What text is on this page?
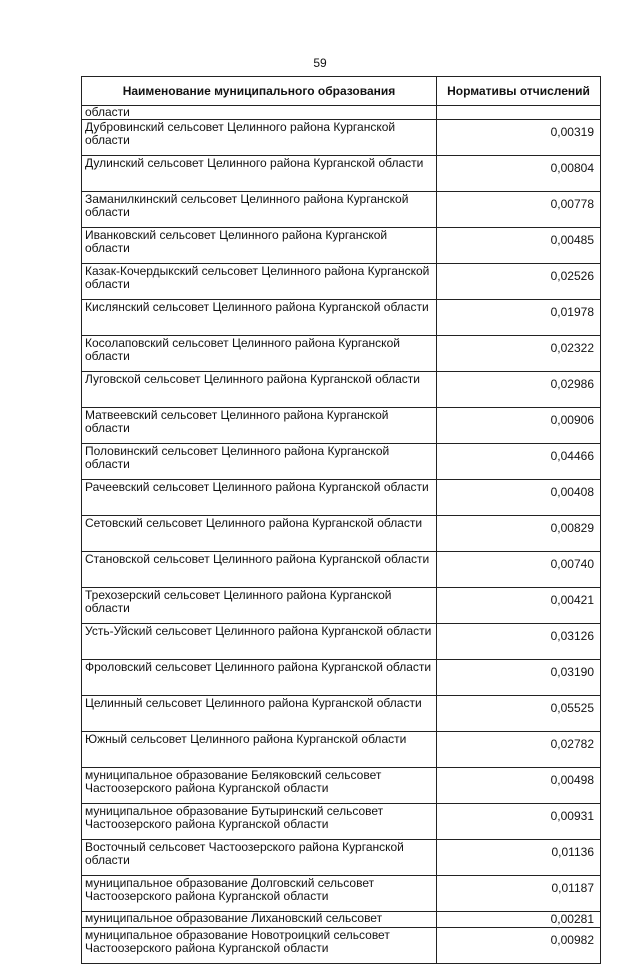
59
Наименование муниципального образования	Нормативы отчислений
области	
Дубровинский сельсовет Целинного района Курганской области	0,00319
Дулинский сельсовет Целинного района Курганской области	0,00804
Заманилкинский сельсовет Целинного района Курганской области	0,00778
Иванковский сельсовет Целинного района Курганской области	0,00485
Казак-Кочердыкский сельсовет Целинного района Курганской области	0,02526
Кислянский сельсовет Целинного района Курганской области	0,01978
Косолаповский сельсовет Целинного района Курганской области	0,02322
Луговской сельсовет Целинного района Курганской области	0,02986
Матвеевский сельсовет Целинного района Курганской области	0,00906
Половинский сельсовет Целинного района Курганской области	0,04466
Рачеевский сельсовет Целинного района Курганской области	0,00408
Сетовский сельсовет Целинного района Курганской области	0,00829
Становской сельсовет Целинного района Курганской области	0,00740
Трехозерский сельсовет Целинного района Курганской области	0,00421
Усть-Уйский сельсовет Целинного района Курганской области	0,03126
Фроловский сельсовет Целинного района Курганской области	0,03190
Целинный сельсовет Целинного района Курганской области	0,05525
Южный сельсовет Целинного района Курганской области	0,02782
муниципальное образование Беляковский сельсовет Частоозерского района Курганской области	0,00498
муниципальное образование Бутыринский сельсовет Частоозерского района Курганской области	0,00931
Восточный сельсовет Частоозерского района Курганской области	0,01136
муниципальное образование Долговский сельсовет Частоозерского района Курганской области	0,01187
муниципальное образование Лихановский сельсовет	0,00281
муниципальное образование Новотроицкий сельсовет Частоозерского района Курганской области	0,00982
